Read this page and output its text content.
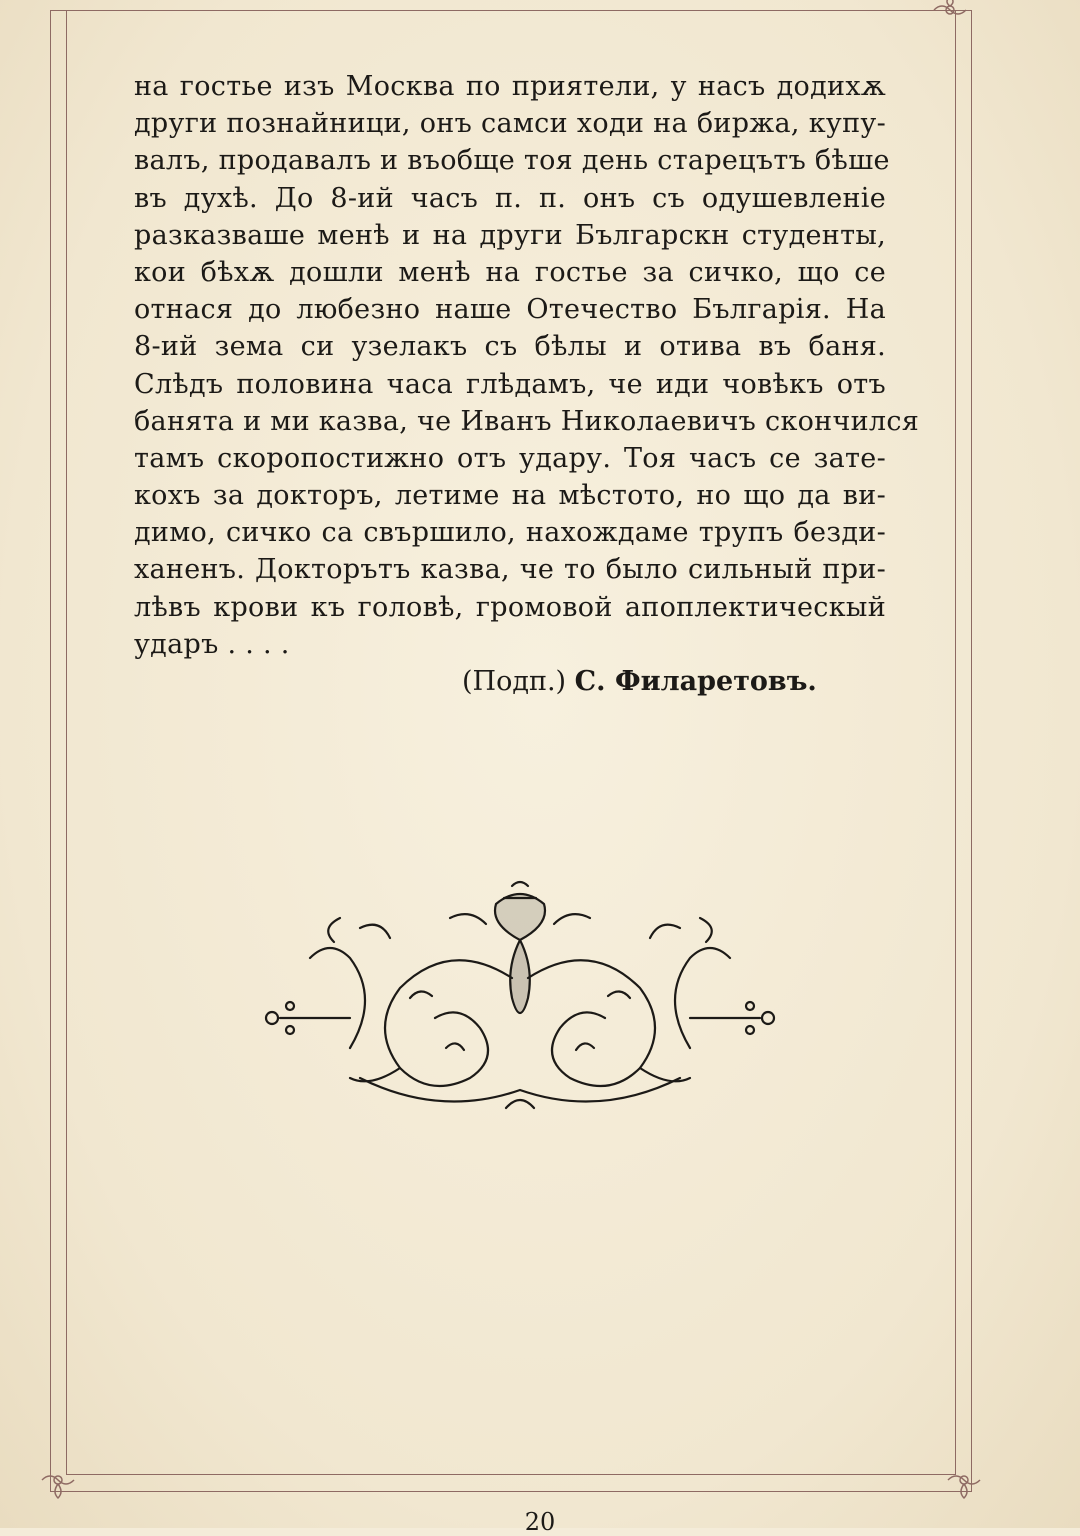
на гостье изъ Москва по приятели, у насъ додихѫ
други познайници, онъ самси ходи на биржа, купу-
валъ, продавалъ и въобще тоя день старецътъ бѣше
въ духѣ. До 8-ий часъ п. п. онъ съ одушевленіе
разказваше менѣ и на други Българскн студенты,
кои бѣхѫ дошли менѣ на гостье за сичко, що се
отнася до любезно наше Отечество Българія. На
8-ий зема си узелакъ съ бѣлы и отива въ баня.
Слѣдъ половина часа глѣдамъ, че иди човѣкъ отъ
банята и ми казва, че Иванъ Николаевичъ скончился
тамъ скоропостижно отъ удару. Тоя часъ се зате-
кохъ за докторъ, летиме на мѣстото, но що да ви-
димо, сичко са свършило, нахождаме трупъ безди-
ханенъ. Докторътъ казва, че то было сильный при-
лѣвъ крови къ головѣ, громовой апоплектическый
ударъ . . . .
(Подп.) С. Филаретовъ.
20
